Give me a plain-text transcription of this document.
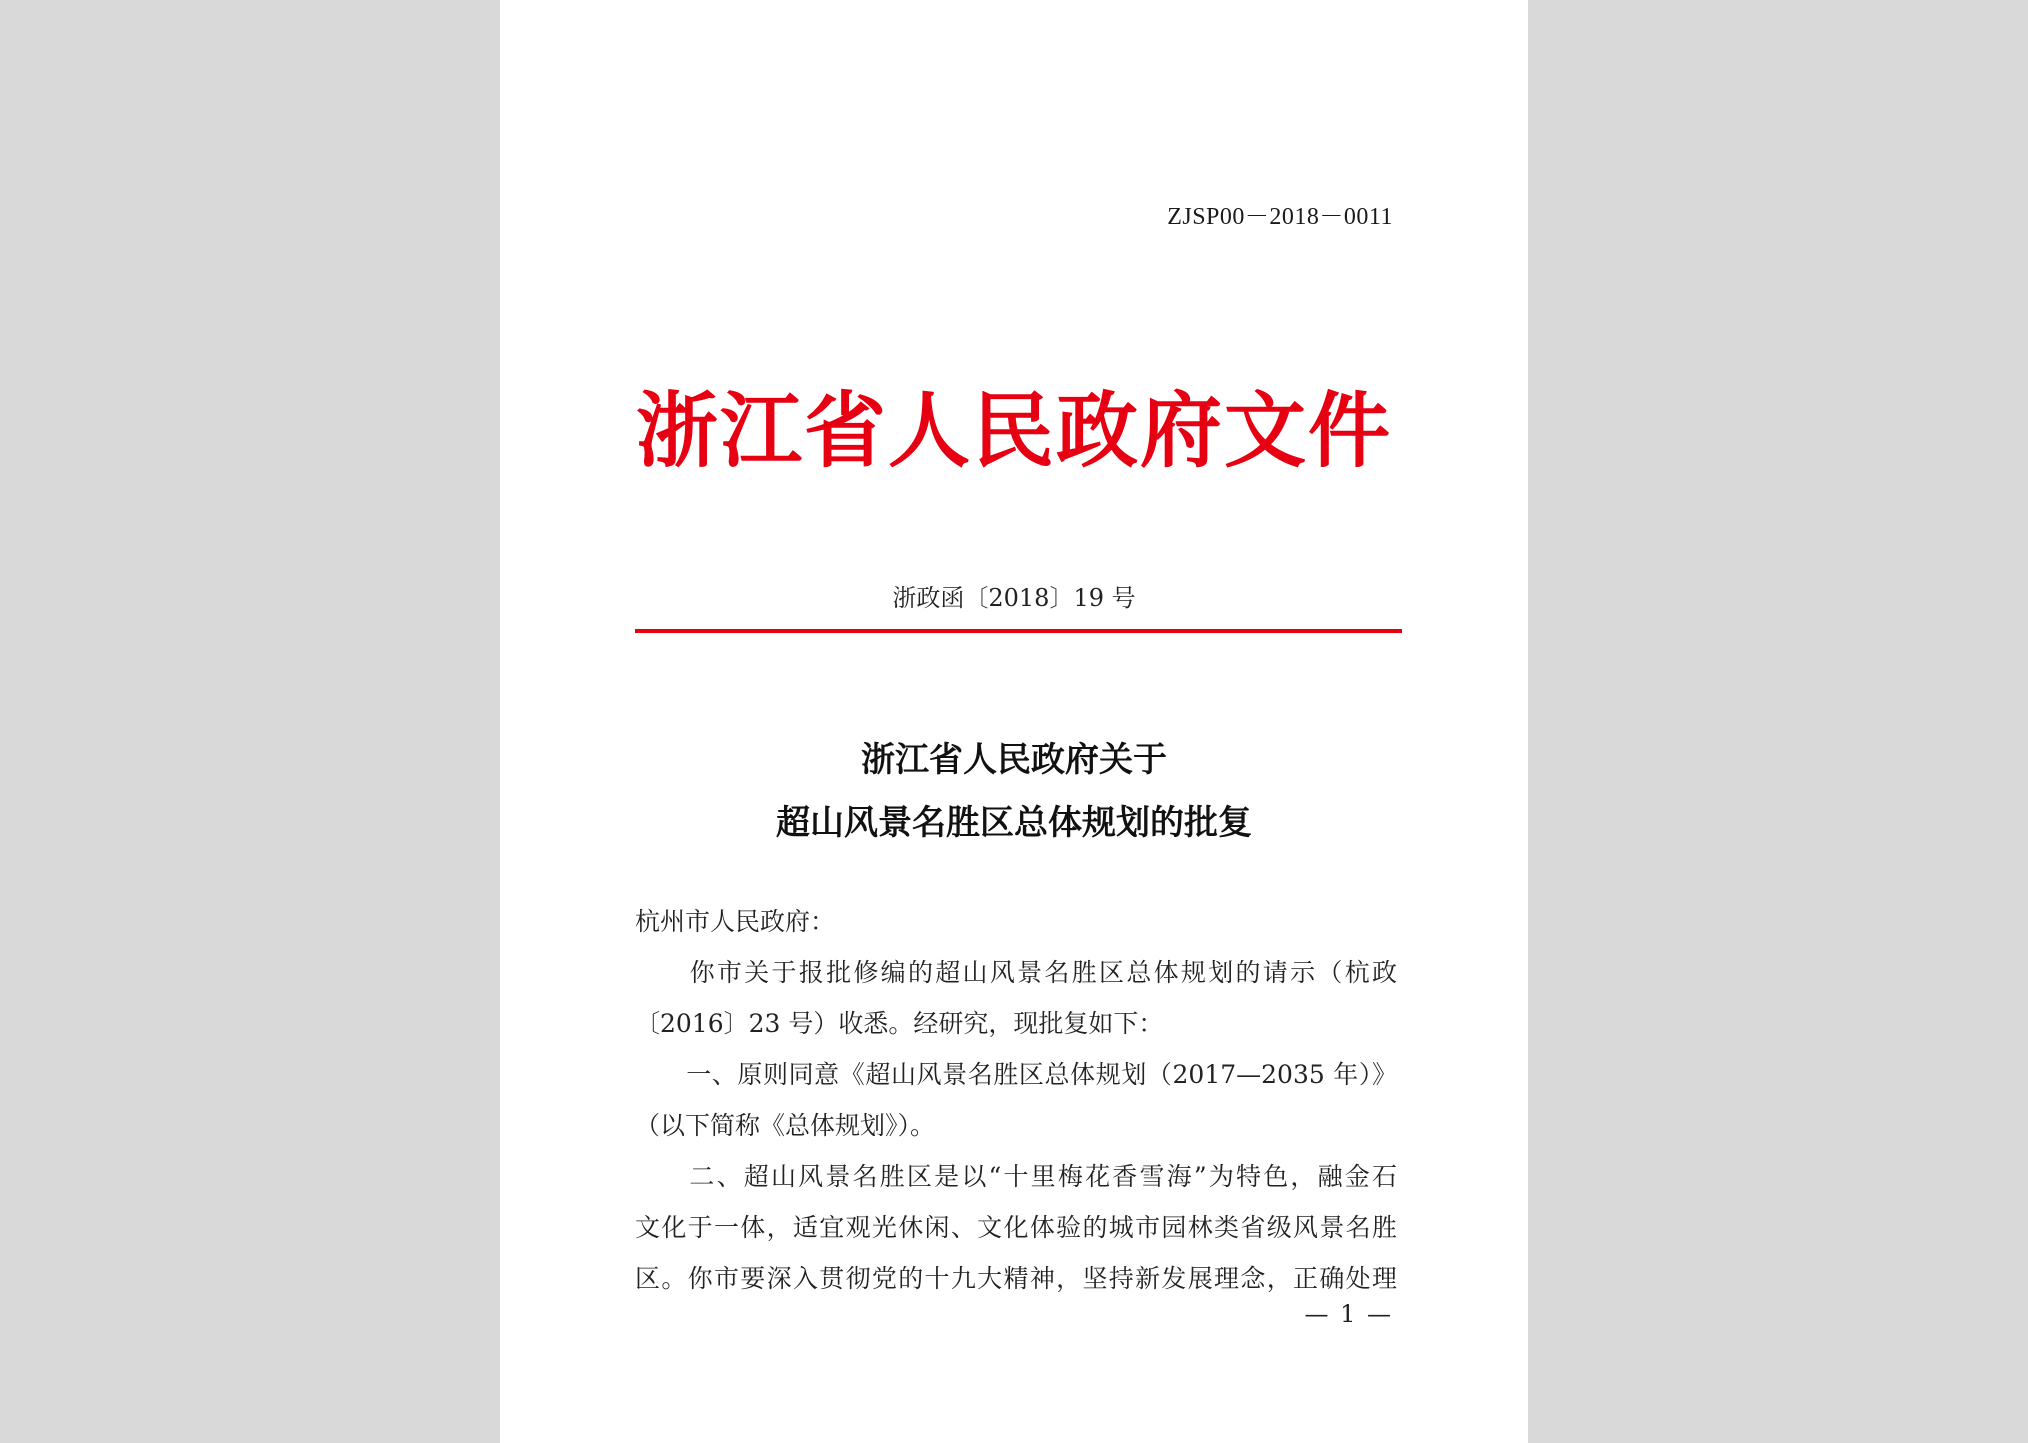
ZJSP00－2018－0011
浙江省人民政府文件
浙政函〔2018〕19 号
浙江省人民政府关于
超山风景名胜区总体规划的批复
杭州市人民政府：
　　你市关于报批修编的超山风景名胜区总体规划的请示（杭政
〔2016〕23 号）收悉。经研究，现批复如下：
　　一、原则同意《超山风景名胜区总体规划（2017—2035 年）》
（以下简称《总体规划》）。
　　二、超山风景名胜区是以“十里梅花香雪海”为特色，融金石
文化于一体，适宜观光休闲、文化体验的城市园林类省级风景名胜
区。你市要深入贯彻党的十九大精神，坚持新发展理念，正确处理
— 1 —
